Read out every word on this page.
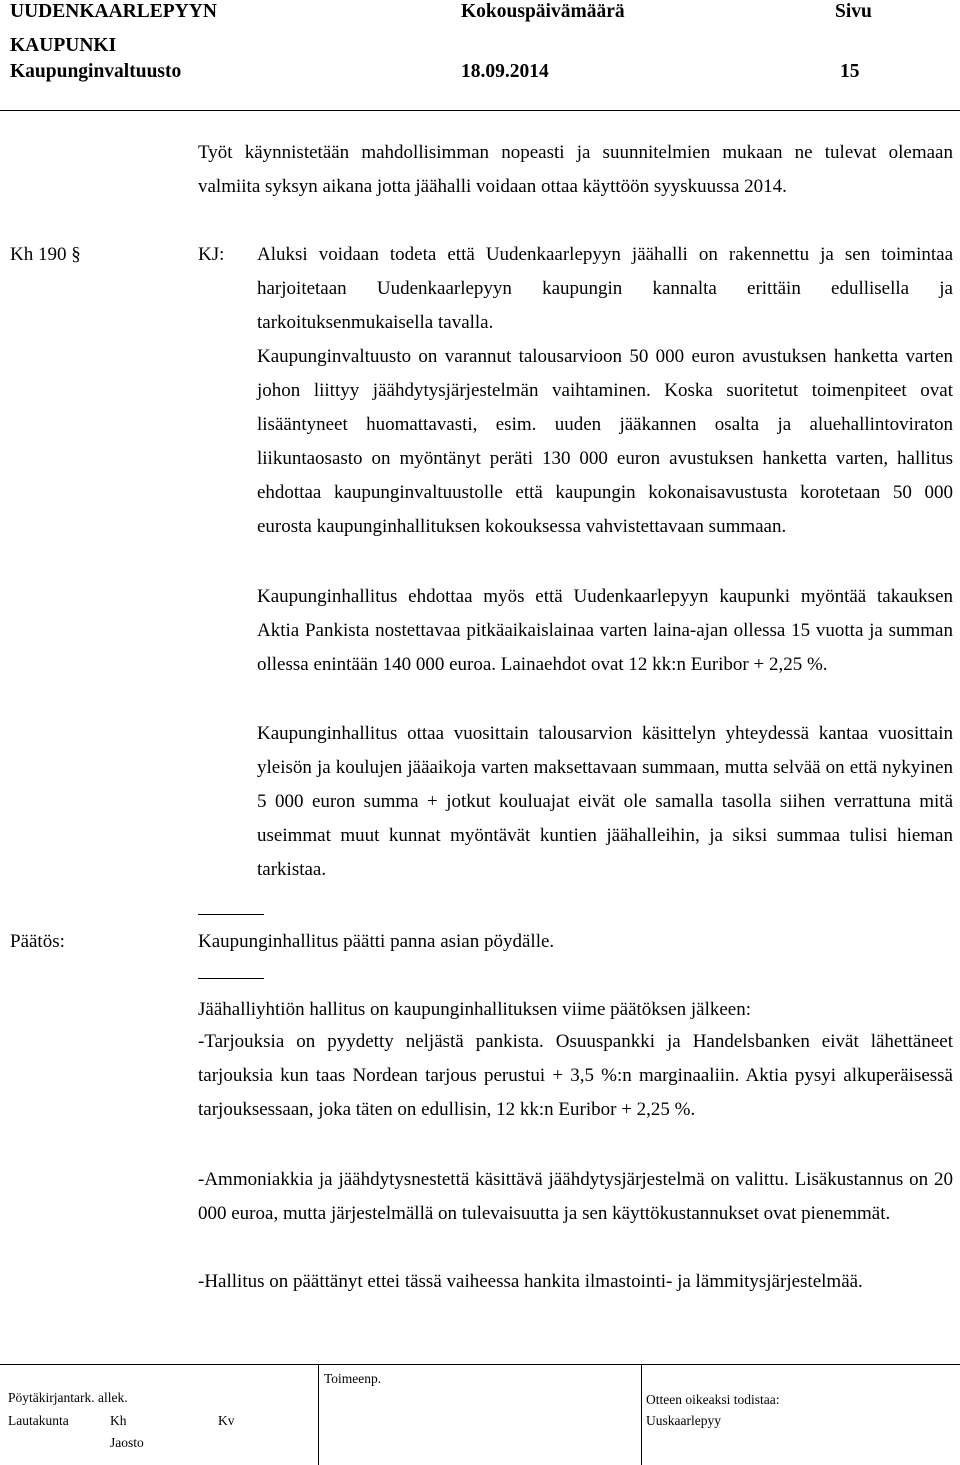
UUDENKAARLEPYYN
KAUPUNKI
Kaupunginvaltuusto
Kokouspäivämäärä
18.09.2014
Sivu
15

Työt käynnistetään mahdollisimman nopeasti ja suunnitelmien mukaan ne tulevat olemaan valmiita syksyn aikana jotta jäähalli voidaan ottaa käyttöön syyskuussa 2014.

Kh 190 §	KJ: Aluksi voidaan todeta että Uudenkaarlepyyn jäähalli on rakennettu ja sen toimintaa harjoitetaan Uudenkaarlepyyn kaupungin kannalta erittäin edullisella ja tarkoituksenmukaisella tavalla.

Kaupunginvaltuusto on varannut talousarvioon 50 000 euron avustuksen hanketta varten johon liittyy jäähdytysjärjestelmän vaihtaminen. Koska suoritetut toimenpiteet ovat lisääntyneet huomattavasti, esim. uuden jääkannen osalta ja aluehallintoviraton liikuntaosasto on myöntänyt peräti 130 000 euron avustuksen hanketta varten, hallitus ehdottaa kaupunginvaltuustolle että kaupungin kokonaisavustusta korotetaan 50 000 eurosta kaupunginhallituksen kokouksessa vahvistettavaan summaan.

Kaupunginhallitus ehdottaa myös että Uudenkaarlepyyn kaupunki myöntää takauksen Aktia Pankista nostettavaa pitkäaikaislainaa varten laina-ajan ollessa 15 vuotta ja summan ollessa enintään 140 000 euroa. Lainaehdot ovat 12 kk:n Euribor + 2,25 %.

Kaupunginhallitus ottaa vuosittain talousarvion käsittelyn yhteydessä kantaa vuosittain yleisön ja koulujen jääaikoja varten maksettavaan summaan, mutta selvää on että nykyinen 5 000 euron summa + jotkut kouluajat eivät ole samalla tasolla siihen verrattuna mitä useimmat muut kunnat myöntävät kuntien jäähalleihin, ja siksi summaa tulisi hieman tarkistaa.

Päätös:	Kaupunginhallitus päätti panna asian pöydälle.
Jäähalliyhtiön hallitus on kaupunginhallituksen viime päätöksen jälkeen:

-Tarjouksia on pyydetty neljästä pankista. Osuuspankki ja Handelsbanken eivät lähettäneet tarjouksia kun taas Nordean tarjous perustui + 3,5 %:n marginaaliin. Aktia pysyi alkuperäisessä tarjouksessaan, joka täten on edullisin, 12 kk:n Euribor + 2,25 %.

-Ammoniakkia ja jäähdytysnestettä käsittävä jäähdytysjärjestelmä on valittu. Lisäkustannus on 20 000 euroa, mutta järjestelmällä on tulevaisuutta ja sen käyttökustannukset ovat pienemmät.

-Hallitus on päättänyt ettei tässä vaiheessa hankita ilmastointi- ja lämmitysjärjestelmää.

Pöytäkirjantark. allek.
Lautakunta	Kh
Jaosto
Kv
Toimeenp.
Otteen oikeaksi todistaa:
Uuskaarlepyy
